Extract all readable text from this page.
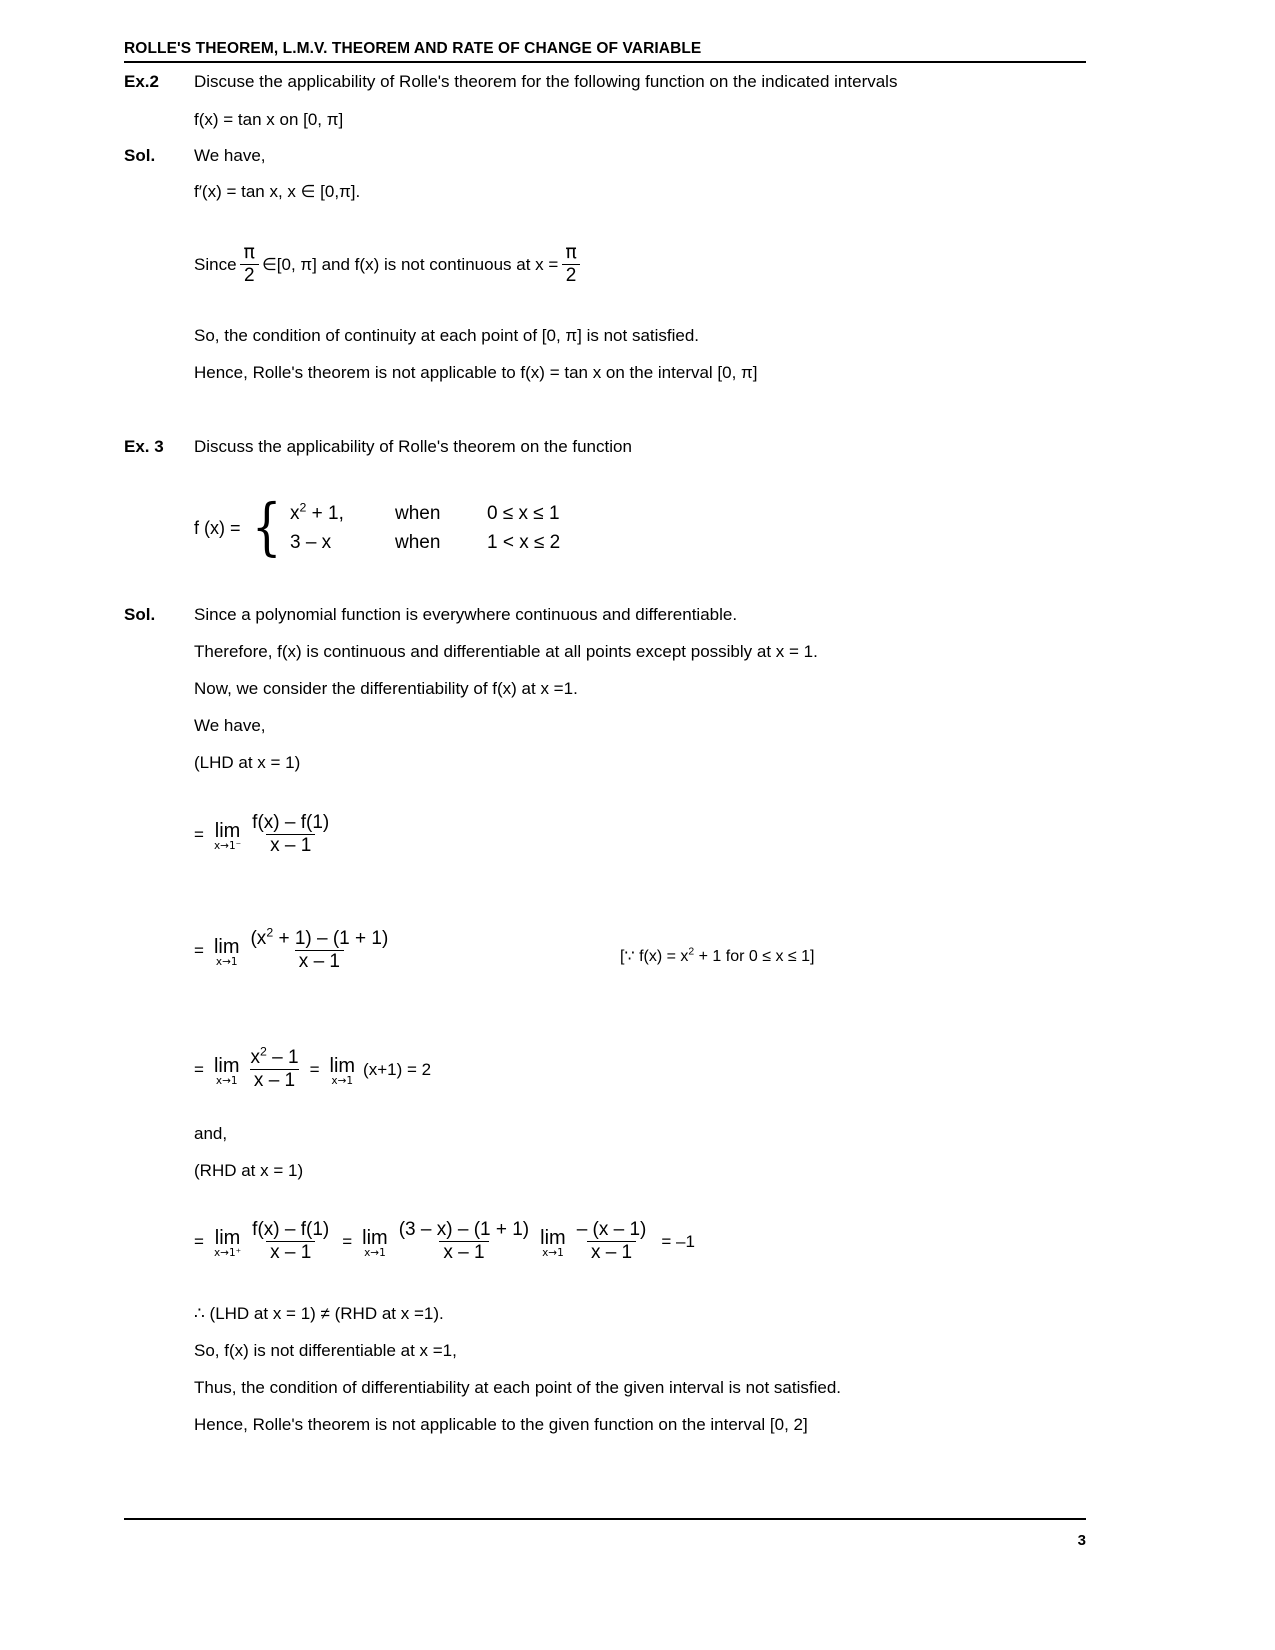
ROLLE'S THEOREM, L.M.V. THEOREM AND RATE OF CHANGE OF VARIABLE
Ex.2 Discuse the applicability of Rolle's theorem for the following function on the indicated intervals
f(x) = tan x on [0, π]
Sol. We have,
f′(x) = tan x, x ∈ [0,π].
Since $\frac{\pi}{2}$ ∈[0, π] and f(x) is not continuous at $x = \frac{\pi}{2}$
So, the condition of continuity at each point of [0, π] is not satisfied.
Hence, Rolle's theorem is not applicable to f(x) = tan x on the interval [0, π]
Ex. 3 Discuss the applicability of Rolle's theorem on the function
f (x) = { $x^2 + 1$,	when	0 ≤ x ≤ 1
3 – x	when	1 < x ≤ 2
Sol. Since a polynomial function is everywhere continuous and differentiable.
Therefore, f(x) is continuous and differentiable at all points except possibly at x = 1.
Now, we consider the differentiability of f(x) at x =1.
We have,
(LHD at x = 1)
= lim
$x\to 1^- \frac{f(x) - f(1)}{x - 1}$
= lim
$x\to 1 \frac{(x^2 + 1) - (1 + 1)}{x - 1}$	[∵ $f(x) = x^2 + 1$ for 0 ≤ x ≤ 1]
= lim
$x\to 1 \frac{x^2 - 1}{x - 1} = \lim$
x→1
(x+1) = 2
and,
(RHD at x = 1)
= lim
$x\to 1^+ \frac{f(x) - f(1)}{x - 1} = \lim$
$x\to 1 \frac{(3 - x) - (1 + 1)}{x - 1}$ lim
$x\to 1 \frac{- (x - 1)}{x - 1} = -1$
∴ (LHD at x = 1) ≠ (RHD at x =1).
So, f(x) is not differentiable at x =1,
Thus, the condition of differentiability at each point of the given interval is not satisfied.
Hence, Rolle's theorem is not applicable to the given function on the interval [0, 2]
3
